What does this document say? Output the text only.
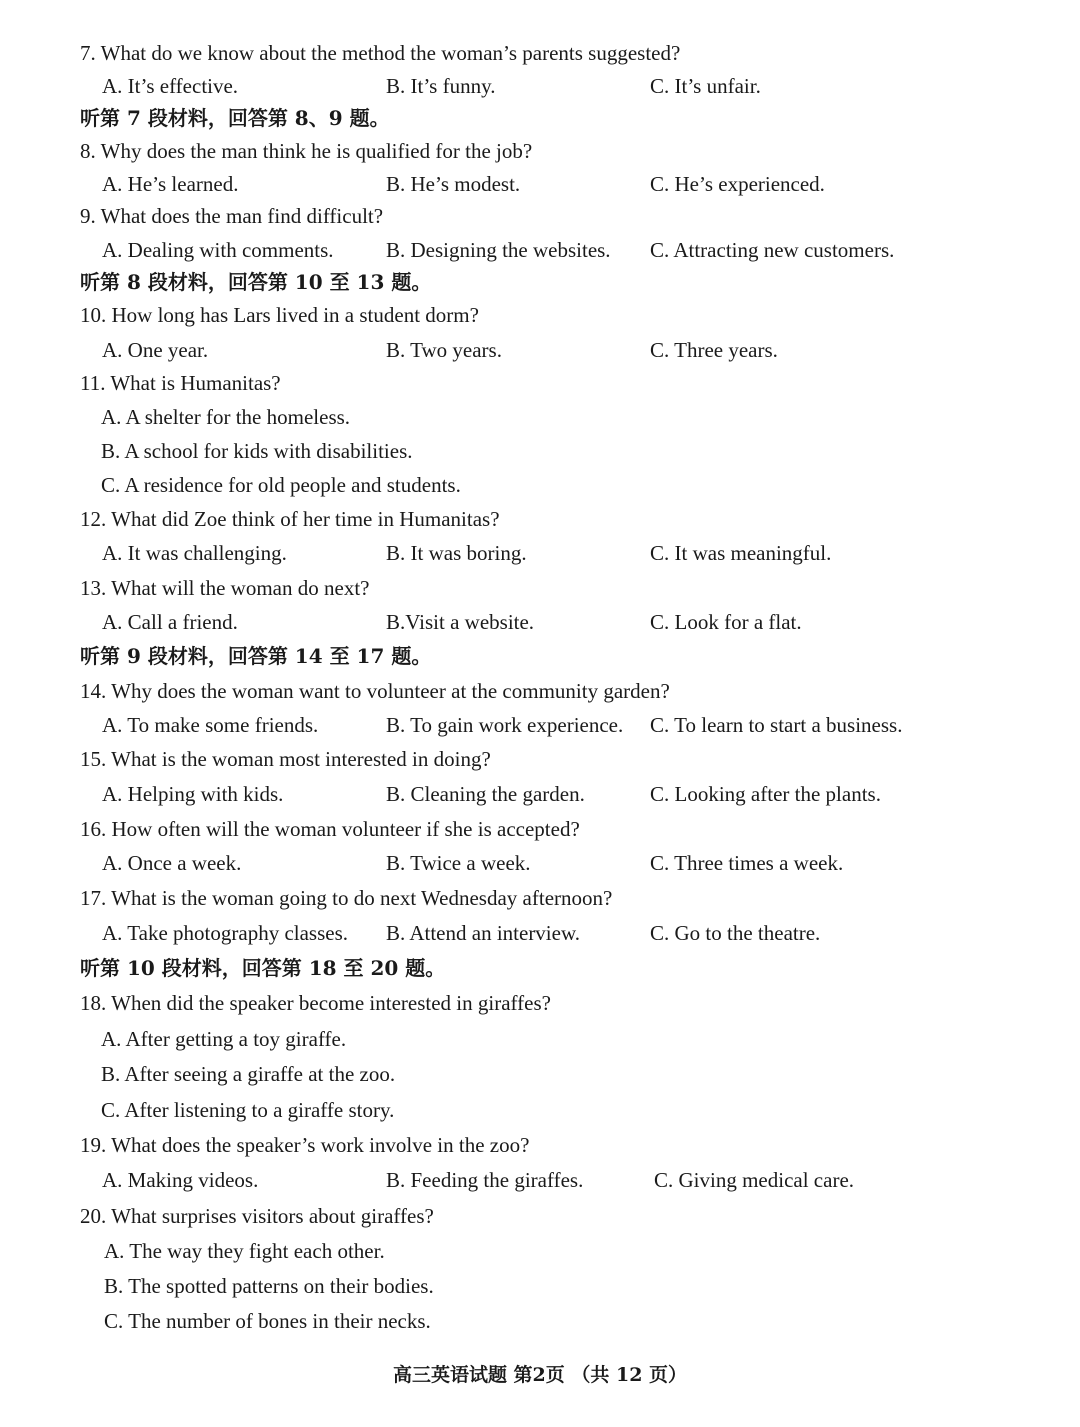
7. What do we know about the method the woman’s parents suggested?
A. It’s effective.	B. It’s funny.	C. It’s unfair.
听第 7 段材料，回答第 8、9 题。
8. Why does the man think he is qualified for the job?
A. He’s learned.	B. He’s modest.	C. He’s experienced.
9. What does the man find difficult?
A. Dealing with comments. B. Designing the websites. C. Attracting new customers.
听第 8 段材料，回答第 10 至 13 题。
10. How long has Lars lived in a student dorm?
A. One year.	B. Two years.	C. Three years.
11. What is Humanitas?
A. A shelter for the homeless.
B. A school for kids with disabilities.
C. A residence for old people and students.
12. What did Zoe think of her time in Humanitas?
A. It was challenging.	B. It was boring.	C. It was meaningful.
13. What will the woman do next?
A. Call a friend.	B.Visit a website.	C. Look for a flat.
听第 9 段材料，回答第 14 至 17 题。
14. Why does the woman want to volunteer at the community garden?
A. To make some friends.	B. To gain work experience. C. To learn to start a business.
15. What is the woman most interested in doing?
A. Helping with kids.	B. Cleaning the garden.	C. Looking after the plants.
16. How often will the woman volunteer if she is accepted?
A. Once a week.	B. Twice a week.	C. Three times a week.
17. What is the woman going to do next Wednesday afternoon?
A. Take photography classes. B. Attend an interview.	C. Go to the theatre.
听第 10 段材料，回答第 18 至 20 题。
18. When did the speaker become interested in giraffes?
A. After getting a toy giraffe.
B. After seeing a giraffe at the zoo.
C. After listening to a giraffe story.
19. What does the speaker’s work involve in the zoo?
A. Making videos.	B. Feeding the giraffes.	C. Giving medical care.
20. What surprises visitors about giraffes?
A. The way they fight each other.
B. The spotted patterns on their bodies.
C. The number of bones in their necks.
高三英语试题 第2页 （共 12 页）
